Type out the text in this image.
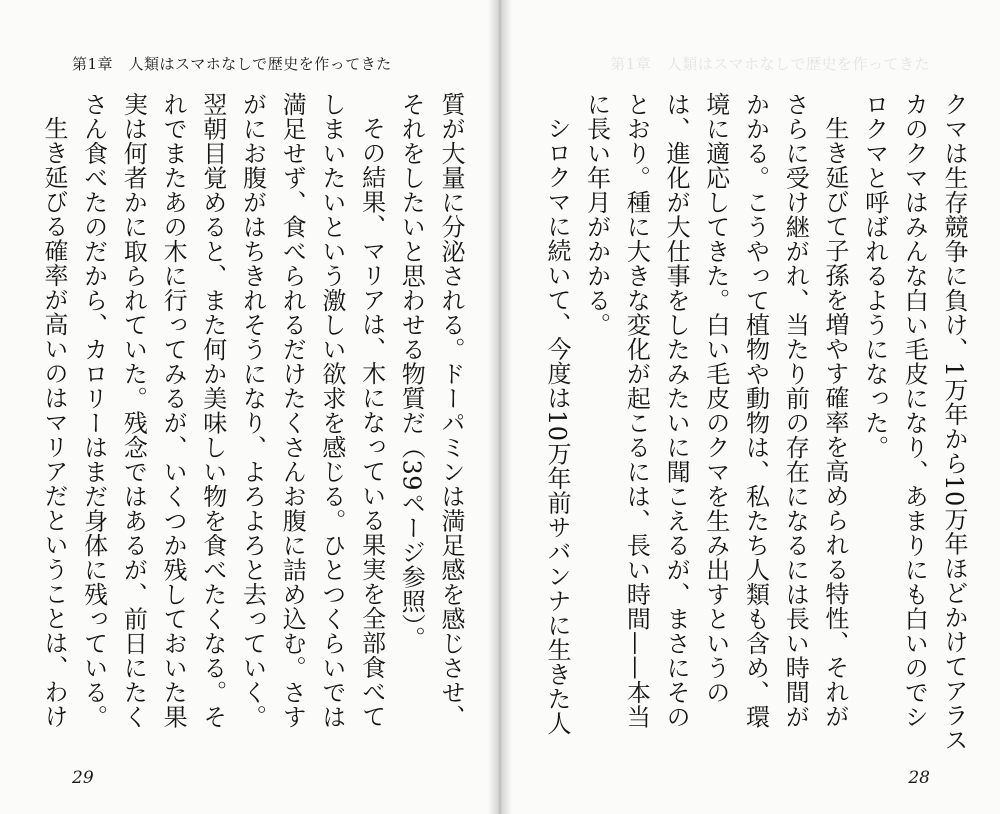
第1章　人類はスマホなしで歴史を作ってきた

質が大量に分泌される。ドーパミンは満足感を感じさせ、それをしたいと思わせる物質だ（39ページ参照）。

その結果、マリアは、木になっている果実を全部食べてしまいたいという激しい欲求を感じる。ひとつくらいでは満足せず、食べられるだけたくさんお腹に詰め込む。さすがにお腹がはちきれそうになり、よろよろと去っていく。翌朝目覚めると、また何か美味しい物を食べたくなる。それでまたあの木に行ってみるが、いくつか残しておいた果実は何者かに取られていた。残念ではあるが、前日にたくさん食べたのだから、カロリーはまだ身体に残っている。

生き延びる確率が高いのはマリアだということは、わけ

29
第1章　人類はスマホなしで歴史を作ってきた

クマは生存競争に負け、1万年から10万年ほどかけてアラスカのクマはみんな白い毛皮になり、あまりにも白いのでシロクマと呼ばれるようになった。

生き延びて子孫を増やす確率を高められる特性、それがさらに受け継がれ、当たり前の存在になるには長い時間がかかる。こうやって植物や動物は、私たち人類も含め、環境に適応してきた。白い毛皮のクマを生み出すというのは、進化が大仕事をしたみたいに聞こえるが、まさにそのとおり。種に大きな変化が起こるには、長い時間——本当に長い年月がかかる。

シロクマに続いて、今度は10万年前サバンナに生きた人

28
